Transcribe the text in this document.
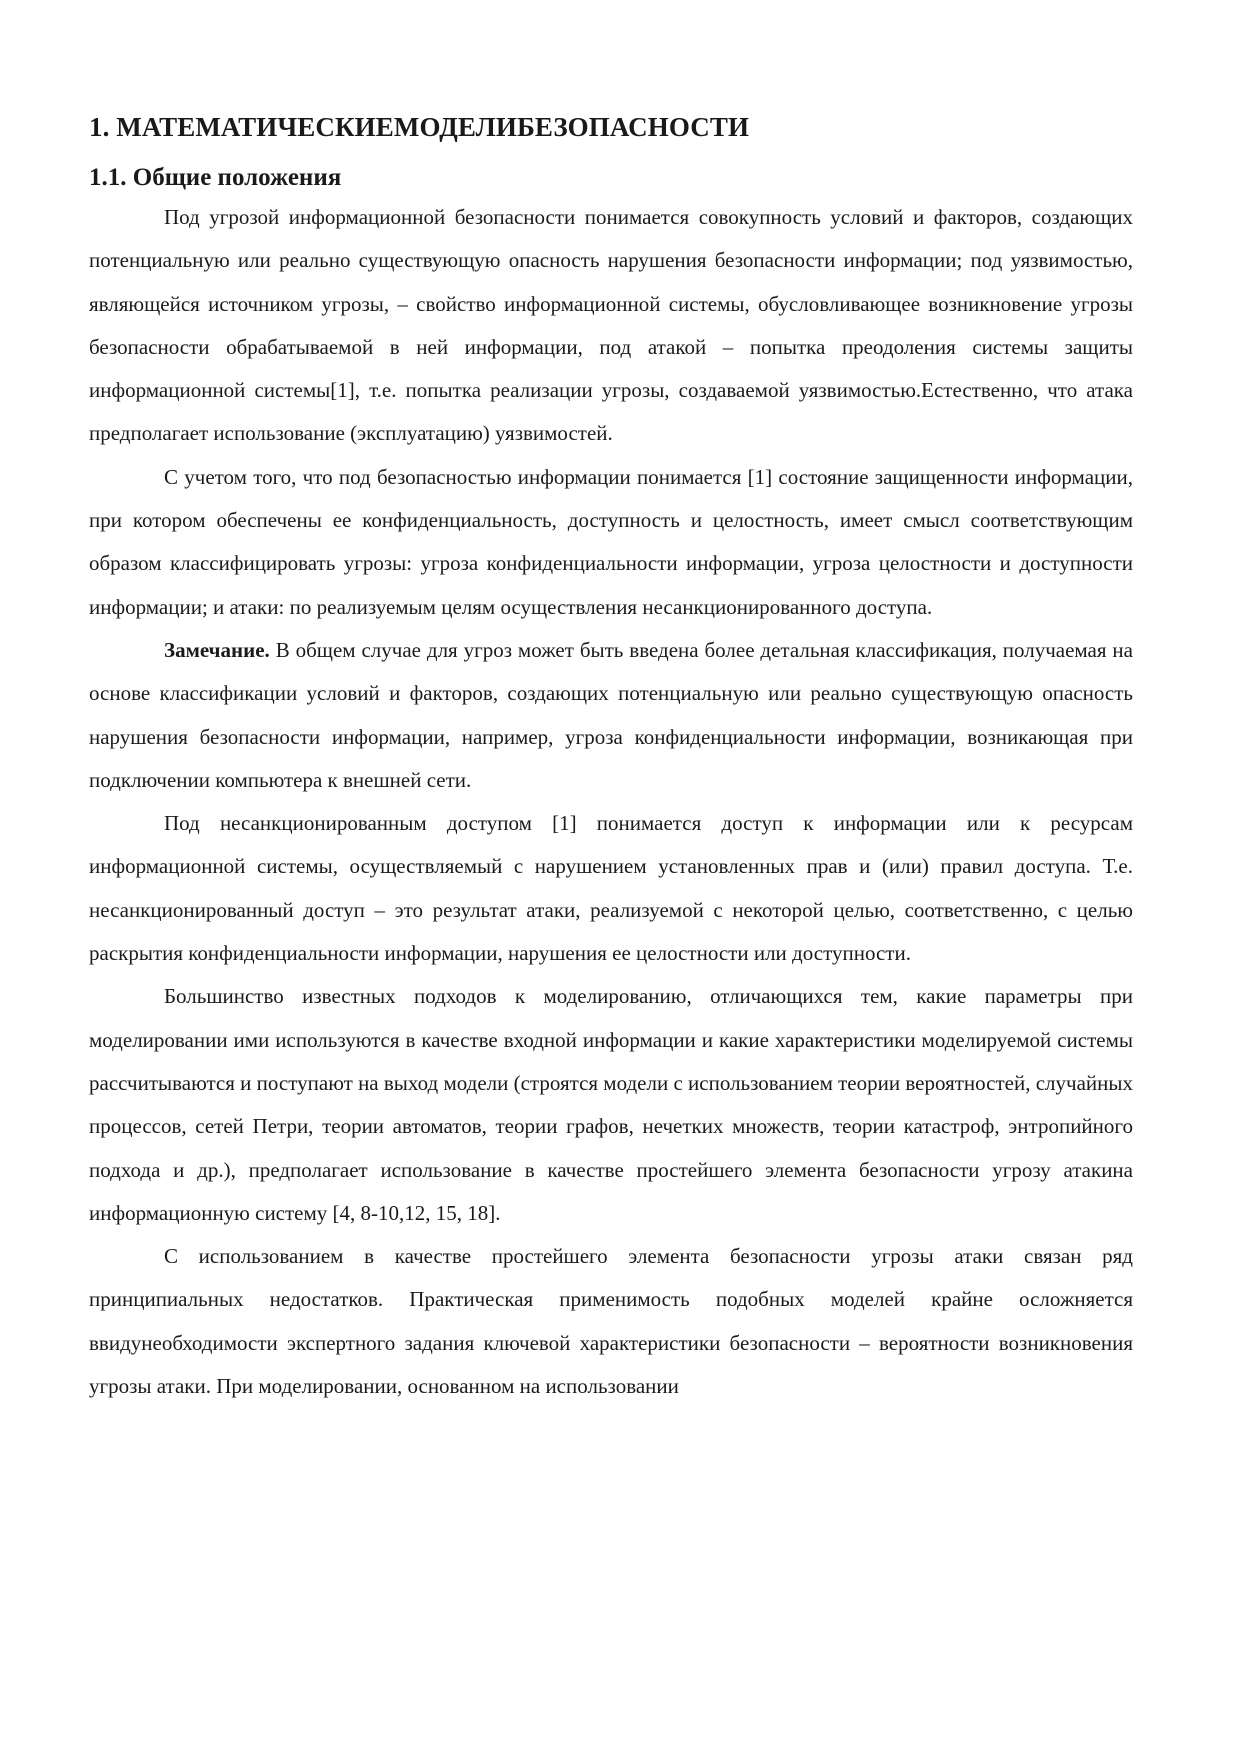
1. МАТЕМАТИЧЕСКИЕМОДЕЛИБЕЗОПАСНОСТИ
1.1. Общие положения

Под угрозой информационной безопасности понимается совокупность условий и факторов, создающих потенциальную или реально существующую опасность нарушения безопасности информации; под уязвимостью, являющейся источником угрозы, – свойство информационной системы, обусловливающее возникновение угрозы безопасности обрабатываемой в ней информации, под атакой – попытка преодоления системы защиты информационной системы[1], т.е. попытка реализации угрозы, создаваемой уязвимостью.Естественно, что атака предполагает использование (эксплуатацию) уязвимостей.

С учетом того, что под безопасностью информации понимается [1] состояние защищенности информации, при котором обеспечены ее конфиденциальность, доступность и целостность, имеет смысл соответствующим образом классифицировать угрозы: угроза конфиденциальности информации, угроза целостности и доступности информации; и атаки: по реализуемым целям осуществления несанкционированного доступа.

Замечание. В общем случае для угроз может быть введена более детальная классификация, получаемая на основе классификации условий и факторов, создающих потенциальную или реально существующую опасность нарушения безопасности информации, например, угроза конфиденциальности информации, возникающая при подключении компьютера к внешней сети.

Под несанкционированным доступом [1] понимается доступ к информации или к ресурсам информационной системы, осуществляемый с нарушением установленных прав и (или) правил доступа. Т.е. несанкционированный доступ – это результат атаки, реализуемой с некоторой целью, соответственно, с целью раскрытия конфиденциальности информации, нарушения ее целостности или доступности.

Большинство известных подходов к моделированию, отличающихся тем, какие параметры при моделировании ими используются в качестве входной информации и какие характеристики моделируемой системы рассчитываются и поступают на выход модели (строятся модели с использованием теории вероятностей, случайных процессов, сетей Петри, теории автоматов, теории графов, нечетких множеств, теории катастроф, энтропийного подхода и др.), предполагает использование в качестве простейшего элемента безопасности угрозу атакина информационную систему [4, 8-10,12, 15, 18].

С использованием в качестве простейшего элемента безопасности угрозы атаки связан ряд принципиальных недостатков. Практическая применимость подобных моделей крайне осложняется ввидунеобходимости экспертного задания ключевой характеристики безопасности – вероятности возникновения угрозы атаки. При моделировании, основанном на использовании
